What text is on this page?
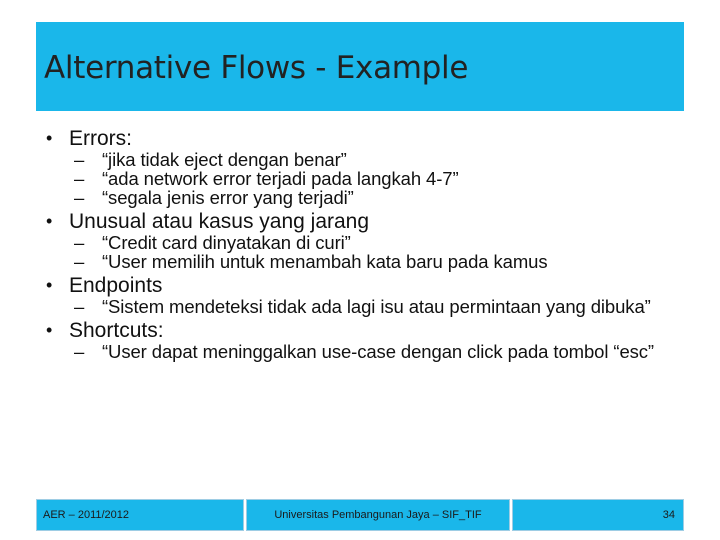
Alternative Flows - Example
• Errors:
– “jika tidak eject dengan benar”
– “ada network error terjadi pada langkah 4-7”
– “segala jenis error yang terjadi”
• Unusual atau kasus yang jarang
– “Credit card dinyatakan di curi”
– “User memilih untuk menambah kata baru pada kamus
• Endpoints
– “Sistem mendeteksi tidak ada lagi isu atau permintaan yang dibuka”
• Shortcuts:
– “User dapat meninggalkan use-case dengan click pada tombol “esc”
AER – 2011/2012	Universitas Pembangunan Jaya – SIF_TIF	34
